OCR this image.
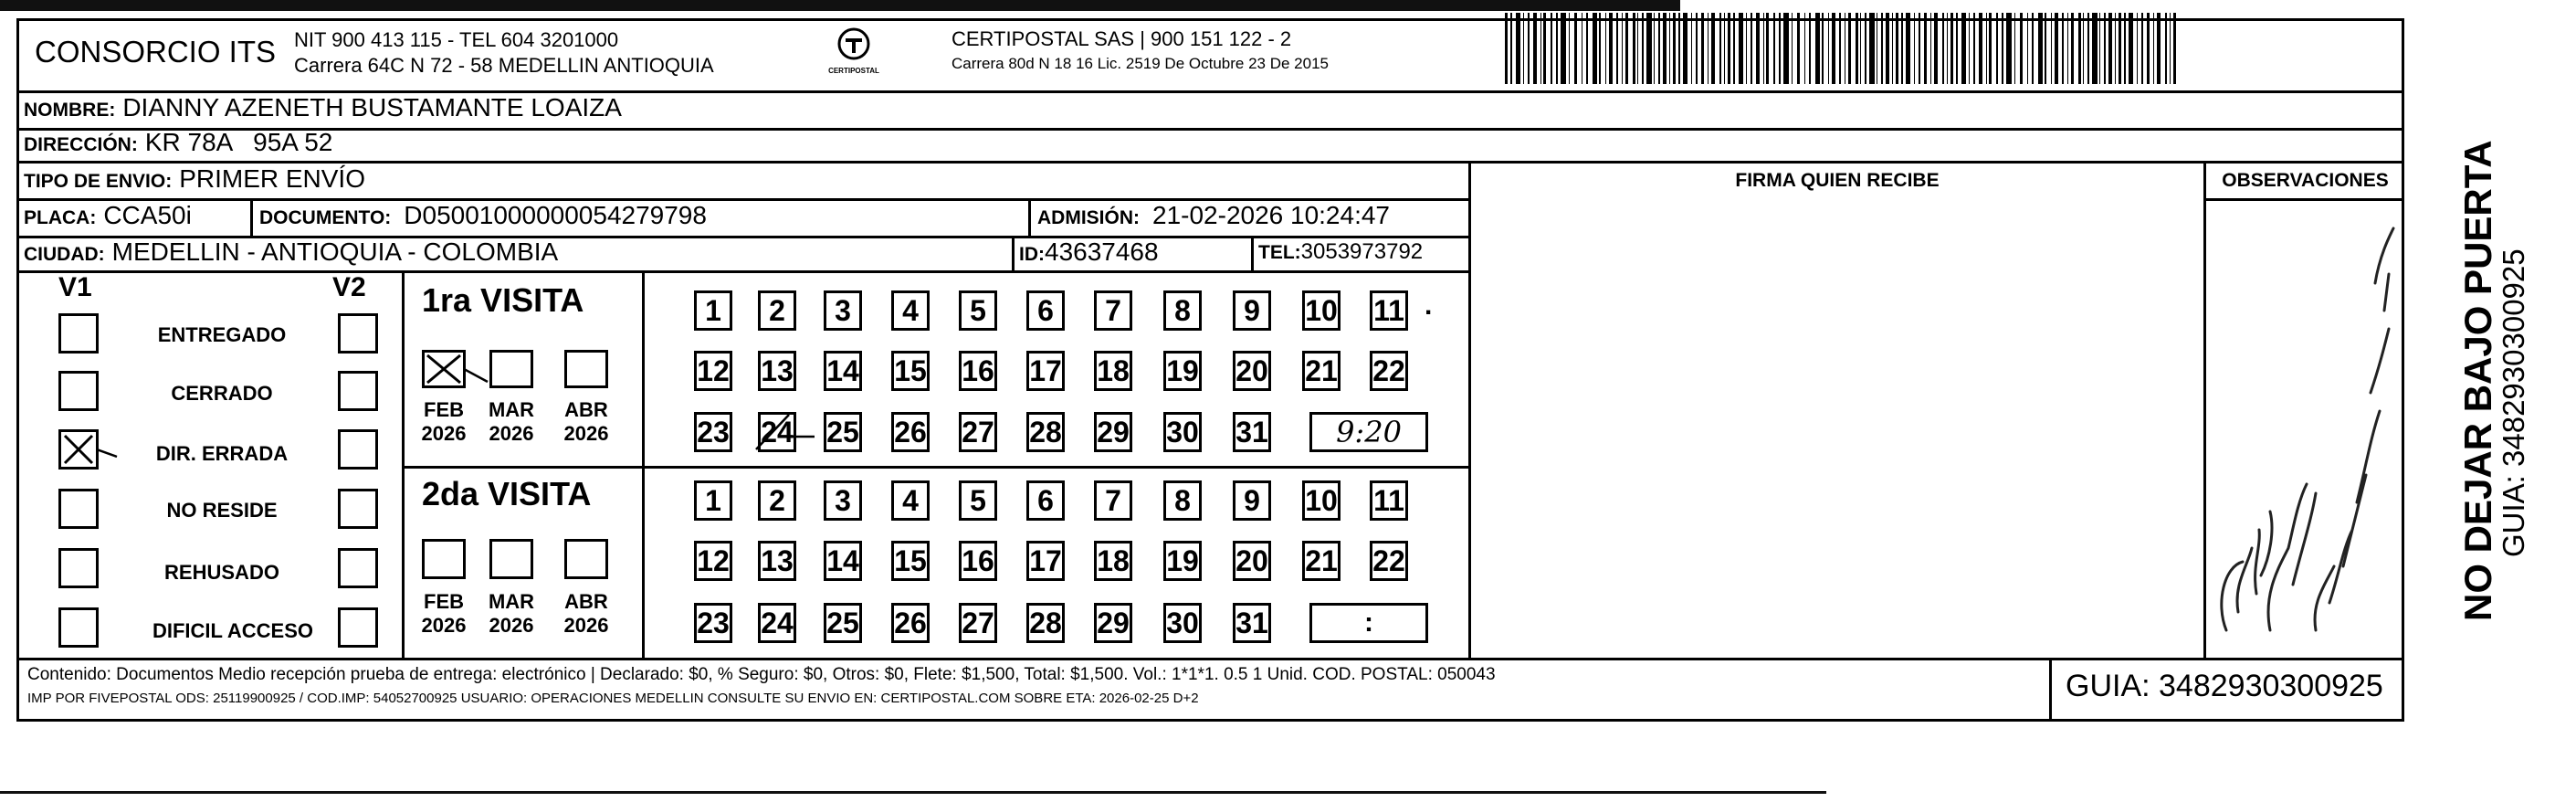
CONSORCIO ITS NIT 900 413 115 - TEL 604 3201000
Carrera 64C N 72 - 58 MEDELLIN ANTIOQUIA	CERTIPOSTAL
CERTIPOSTAL SAS | 900 151 122 - 2
Carrera 80d N 18 16 Lic. 2519 De Octubre 23 De 2015
NOMBRE: DIANNY AZENETH BUSTAMANTE LOAIZA
DIRECCIÓN: KR 78A   95A 52
TIPO DE ENVIO: PRIMER ENVÍO
PLACA: CCA50i	DOCUMENTO: D05001000000054279798	ADMISIÓN: 21-02-2026 10:24:47
CIUDAD: MEDELLIN - ANTIOQUIA - COLOMBIA	ID: 43637468	TEL: 3053973792
FIRMA QUIEN RECIBE	OBSERVACIONES
V1	V2
ENTREGADO
CERRADO
DIR. ERRADA
NO RESIDE
REHUSADO
DIFICIL ACCESO
1ra VISITA
FEB
2026
MAR
2026
ABR
2026
2da VISITA
FEB
2026
MAR
2026
ABR
2026
1	2	3	4	5	6	7	8	9	10 11
12 13 14 15 16 17 18 19 20 21 22
23 24 25 26 27 28 29 30 31
1	2	3	4	5	6	7	8	9	10 11
12 13 14 15 16 17 18 19 20 21 22
23 24 25 26 27 28 29 30 31
.
9:20
:
Contenido: Documentos Medio recepción prueba de entrega: electrónico | Declarado: $0, % Seguro: $0, Otros: $0, Flete: $1,500, Total: $1,500. Vol.: 1*1*1. 0.5 1 Unid. COD. POSTAL: 050043
IMP POR FIVEPOSTAL ODS: 25119900925 / COD.IMP: 54052700925 USUARIO: OPERACIONES MEDELLIN CONSULTE SU ENVIO EN: CERTIPOSTAL.COM SOBRE ETA: 2026-02-25 D+2	GUIA: 3482930300925
NO DEJAR BAJO PUERTA
GUIA: 3482930300925
